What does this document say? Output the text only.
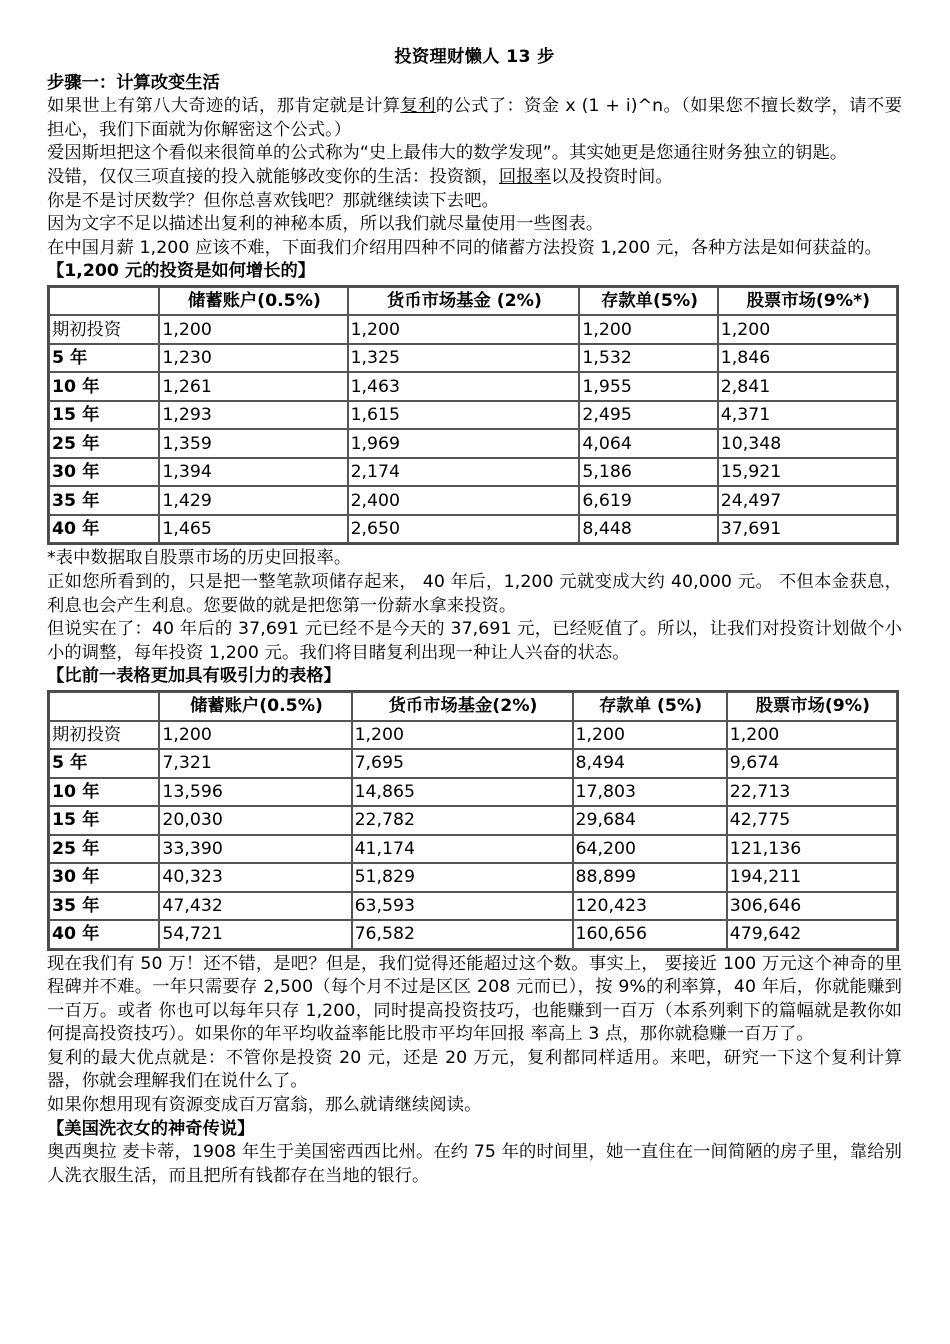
投资理财懒人 13 步
步骤一：计算改变生活

如果世上有第八大奇迹的话，那肯定就是计算复利的公式了：资金 x (1 + i)^n。（如果您不擅长数学，请不要担心，我们下面就为你解密这个公式。）

爱因斯坦把这个看似来很简单的公式称为“史上最伟大的数学发现”。其实她更是您通往财务独立的钥匙。

没错，仅仅三项直接的投入就能够改变你的生活：投资额，回报率以及投资时间。

你是不是讨厌数学？但你总喜欢钱吧？那就继续读下去吧。

因为文字不足以描述出复利的神秘本质，所以我们就尽量使用一些图表。

在中国月薪 1,200 应该不难，下面我们介绍用四种不同的储蓄方法投资 1,200 元，各种方法是如何获益的。

【1,200 元的投资是如何增长的】
	储蓄账户(0.5%)	货币市场基金 (2%)	存款单(5%)	股票市场(9%*)
期初投资	1,200	1,200	1,200	1,200
5 年	1,230	1,325	1,532	1,846
10 年	1,261	1,463	1,955	2,841
15 年	1,293	1,615	2,495	4,371
25 年	1,359	1,969	4,064	10,348
30 年	1,394	2,174	5,186	15,921
35 年	1,429	2,400	6,619	24,497
40 年	1,465	2,650	8,448	37,691

*表中数据取自股票市场的历史回报率。

正如您所看到的，只是把一整笔款项储存起来， 40 年后，1,200 元就变成大约 40,000 元。 不但本金获息，利息也会产生利息。您要做的就是把您第一份薪水拿来投资。

但说实在了：40 年后的 37,691 元已经不是今天的 37,691 元，已经贬值了。所以，让我们对投资计划做个小小的调整，每年投资 1,200 元。我们将目睹复利出现一种让人兴奋的状态。

【比前一表格更加具有吸引力的表格】
	储蓄账户(0.5%)	货币市场基金(2%)	存款单 (5%)	股票市场(9%)
期初投资	1,200	1,200	1,200	1,200
5 年	7,321	7,695	8,494	9,674
10 年	13,596	14,865	17,803	22,713
15 年	20,030	22,782	29,684	42,775
25 年	33,390	41,174	64,200	121,136
30 年	40,323	51,829	88,899	194,211
35 年	47,432	63,593	120,423	306,646
40 年	54,721	76,582	160,656	479,642

现在我们有 50 万！还不错，是吧？但是，我们觉得还能超过这个数。事实上， 要接近 100 万元这个神奇的里程碑并不难。一年只需要存 2,500（每个月不过是区区 208 元而已），按 9%的利率算，40 年后，你就能赚到一百万。或者 你也可以每年只存 1,200，同时提高投资技巧，也能赚到一百万（本系列剩下的篇幅就是教你如何提高投资技巧）。如果你的年平均收益率能比股市平均年回报 率高上 3 点，那你就稳赚一百万了。

复利的最大优点就是：不管你是投资 20 元，还是 20 万元，复利都同样适用。来吧，研究一下这个复利计算器，你就会理解我们在说什么了。

如果你想用现有资源变成百万富翁，那么就请继续阅读。

【美国洗衣女的神奇传说】

奥西奥拉 麦卡蒂，1908 年生于美国密西西比州。在约 75 年的时间里，她一直住在一间简陋的房子里，靠给别人洗衣服生活，而且把所有钱都存在当地的银行。
